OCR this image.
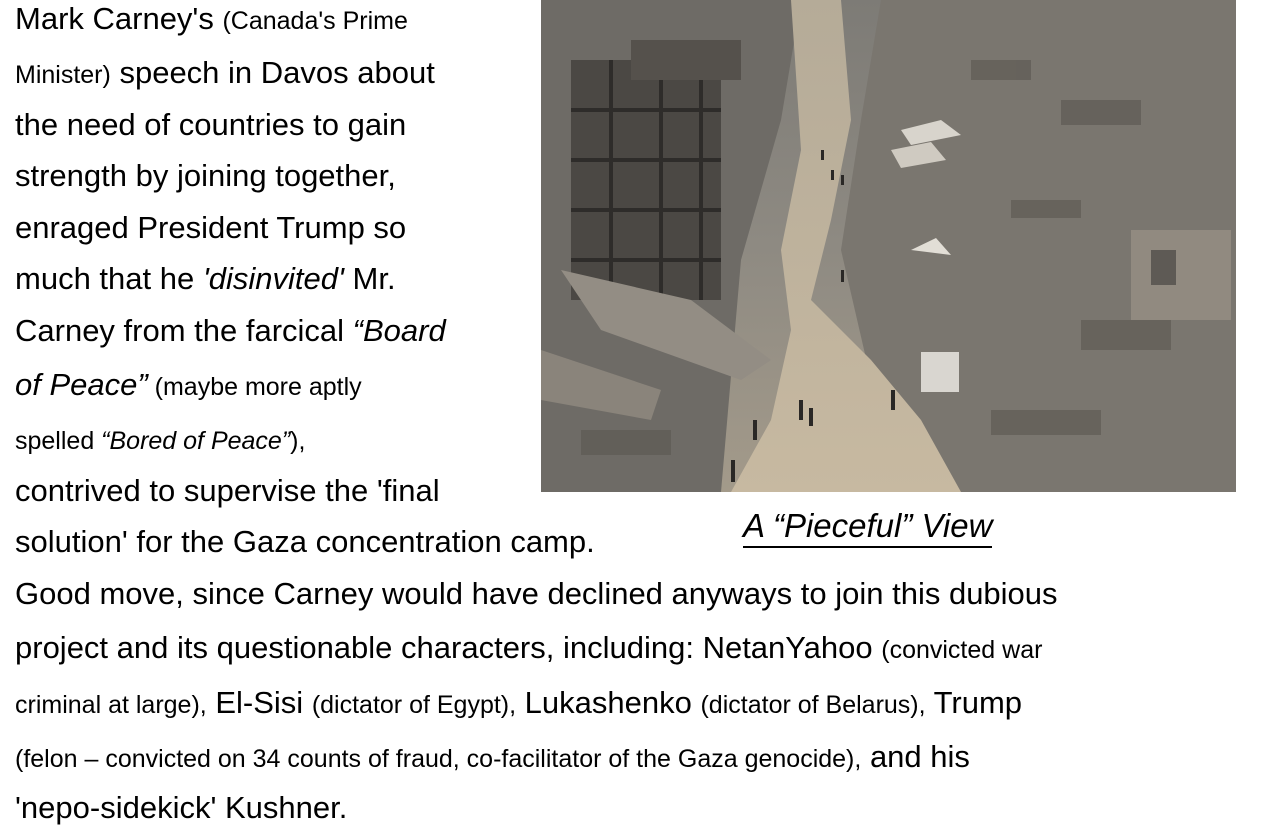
A “Pieceful” View
Mark Carney's (Canada's Prime
Minister) speech in Davos about
the need of countries to gain
strength by joining together,
enraged President Trump so
much that he 'disinvited' Mr.
Carney from the farcical “Board
of Peace” (maybe more aptly
spelled “Bored of Peace”),
contrived to supervise the 'final
solution' for the Gaza concentration camp.
Good move, since Carney would have declined anyways to join this dubious
project and its questionable characters, including: NetanYahoo (convicted war
criminal at large), El-Sisi (dictator of Egypt), Lukashenko (dictator of Belarus), Trump
(felon – convicted on 34 counts of fraud, co-facilitator of the Gaza genocide), and his
'nepo-sidekick' Kushner.
